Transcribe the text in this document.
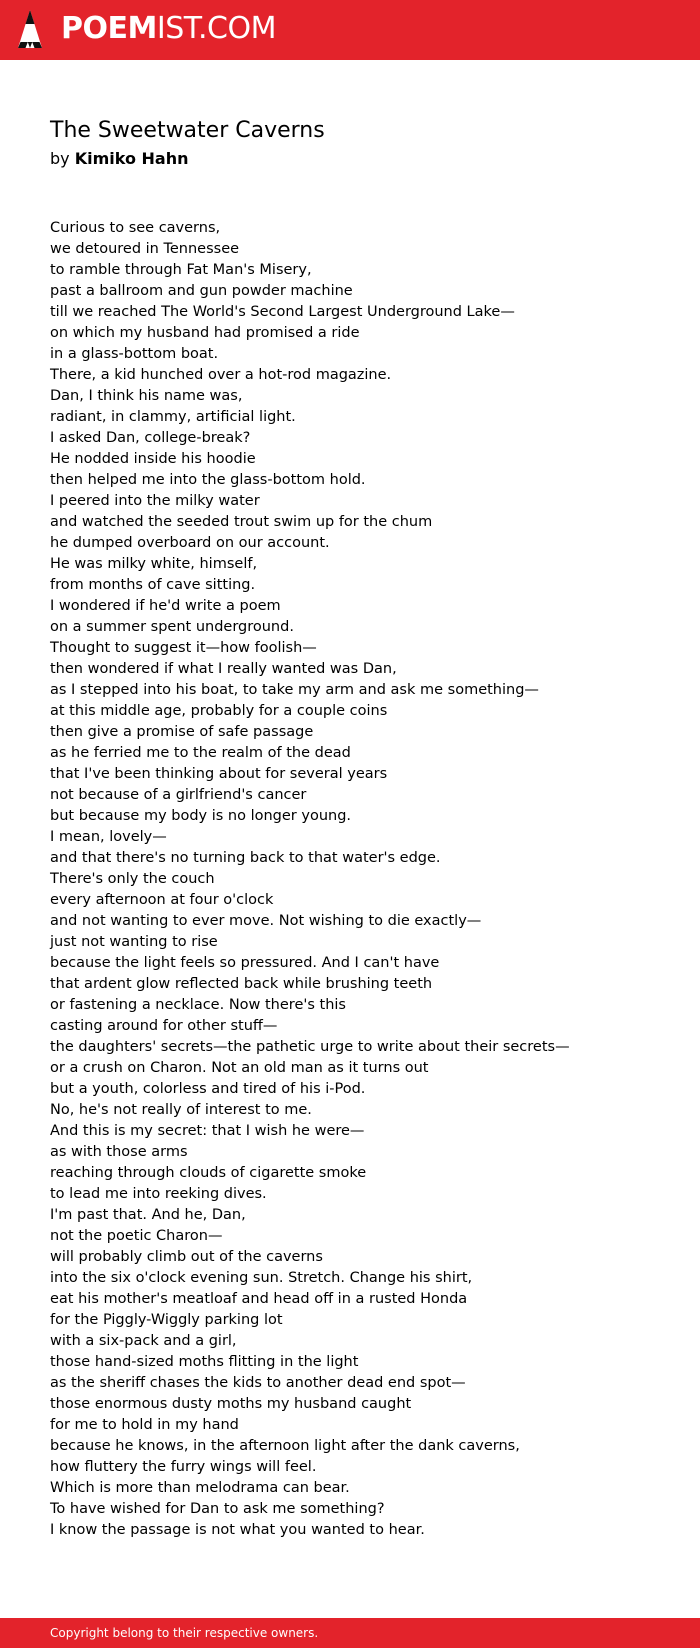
POEMIST.COM
The Sweetwater Caverns
by Kimiko Hahn
Curious to see caverns,
we detoured in Tennessee
to ramble through Fat Man's Misery,
past a ballroom and gun powder machine
till we reached The World's Second Largest Underground Lake—
on which my husband had promised a ride
in a glass-bottom boat.
There, a kid hunched over a hot-rod magazine.
Dan, I think his name was,
radiant, in clammy, artificial light.
I asked Dan, college-break?
He nodded inside his hoodie
then helped me into the glass-bottom hold.
I peered into the milky water
and watched the seeded trout swim up for the chum
he dumped overboard on our account.
He was milky white, himself,
from months of cave sitting.
I wondered if he'd write a poem
on a summer spent underground.
Thought to suggest it—how foolish—
then wondered if what I really wanted was Dan,
as I stepped into his boat, to take my arm and ask me something—
at this middle age, probably for a couple coins
then give a promise of safe passage
as he ferried me to the realm of the dead
that I've been thinking about for several years
not because of a girlfriend's cancer
but because my body is no longer young.
I mean, lovely—
and that there's no turning back to that water's edge.
There's only the couch
every afternoon at four o'clock
and not wanting to ever move. Not wishing to die exactly—
just not wanting to rise
because the light feels so pressured. And I can't have
that ardent glow reflected back while brushing teeth
or fastening a necklace. Now there's this
casting around for other stuff—
the daughters' secrets—the pathetic urge to write about their secrets—
or a crush on Charon. Not an old man as it turns out
but a youth, colorless and tired of his i-Pod.
No, he's not really of interest to me.
And this is my secret: that I wish he were—
as with those arms
reaching through clouds of cigarette smoke
to lead me into reeking dives.
I'm past that. And he, Dan,
not the poetic Charon—
will probably climb out of the caverns
into the six o'clock evening sun. Stretch. Change his shirt,
eat his mother's meatloaf and head off in a rusted Honda
for the Piggly-Wiggly parking lot
with a six-pack and a girl,
those hand-sized moths flitting in the light
as the sheriff chases the kids to another dead end spot—
those enormous dusty moths my husband caught
for me to hold in my hand
because he knows, in the afternoon light after the dank caverns,
how fluttery the furry wings will feel.
Which is more than melodrama can bear.
To have wished for Dan to ask me something?
I know the passage is not what you wanted to hear.
Copyright belong to their respective owners.
